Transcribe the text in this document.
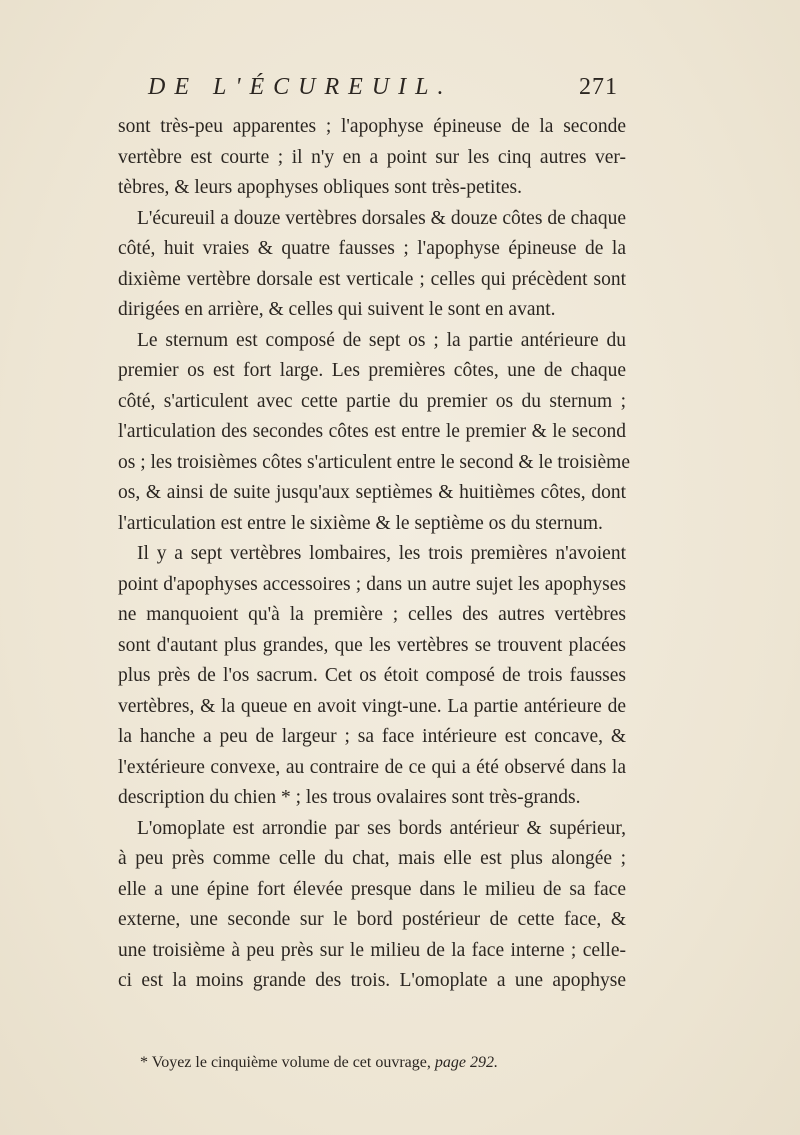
DE L'ÉCUREUIL.	271
sont très-peu apparentes ; l'apophyse épineuse de la seconde
vertèbre est courte ; il n'y en a point sur les cinq autres ver-
tèbres, & leurs apophyses obliques sont très-petites.
L'écureuil a douze vertèbres dorsales & douze côtes de chaque
côté, huit vraies & quatre fausses ; l'apophyse épineuse de la
dixième vertèbre dorsale est verticale ; celles qui précèdent sont
dirigées en arrière, & celles qui suivent le sont en avant.
Le sternum est composé de sept os ; la partie antérieure du
premier os est fort large. Les premières côtes, une de chaque
côté, s'articulent avec cette partie du premier os du sternum ;
l'articulation des secondes côtes est entre le premier & le second
os ; les troisièmes côtes s'articulent entre le second & le troisième
os, & ainsi de suite jusqu'aux septièmes & huitièmes côtes, dont
l'articulation est entre le sixième & le septième os du sternum.
Il y a sept vertèbres lombaires, les trois premières n'avoient
point d'apophyses accessoires ; dans un autre sujet les apophyses
ne manquoient qu'à la première ; celles des autres vertèbres
sont d'autant plus grandes, que les vertèbres se trouvent placées
plus près de l'os sacrum. Cet os étoit composé de trois fausses
vertèbres, & la queue en avoit vingt-une. La partie antérieure de
la hanche a peu de largeur ; sa face intérieure est concave, &
l'extérieure convexe, au contraire de ce qui a été observé dans la
description du chien * ; les trous ovalaires sont très-grands.
L'omoplate est arrondie par ses bords antérieur & supérieur,
à peu près comme celle du chat, mais elle est plus alongée ;
elle a une épine fort élevée presque dans le milieu de sa face
externe, une seconde sur le bord postérieur de cette face, &
une troisième à peu près sur le milieu de la face interne ; celle-
ci est la moins grande des trois. L'omoplate a une apophyse
* Voyez le cinquième volume de cet ouvrage, page 292.
